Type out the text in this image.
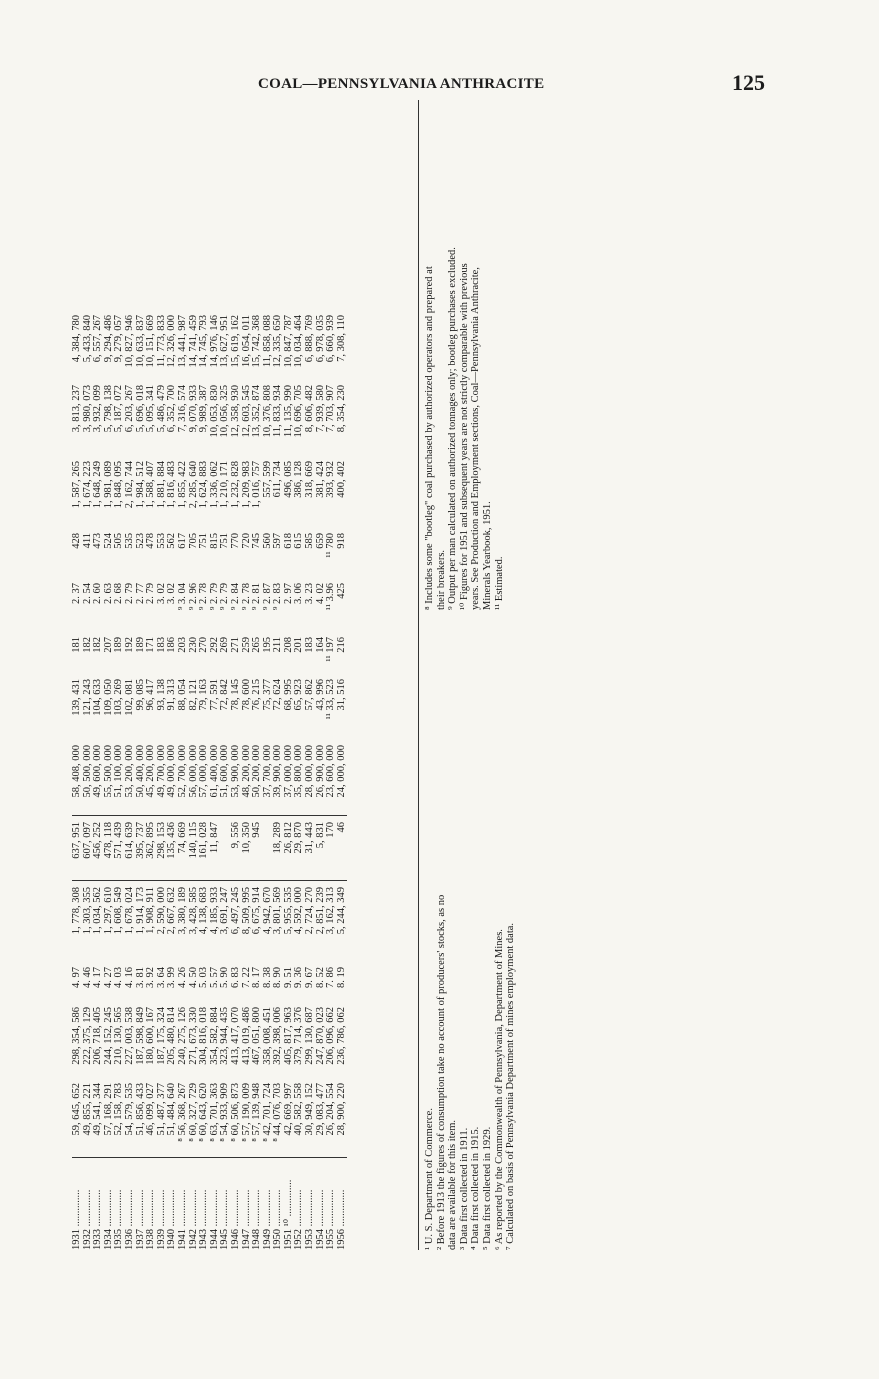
COAL—PENNSYLVANIA ANTHRACITE	125
1931 ..............	59, 645, 652	298, 354, 586	4. 97	1, 778, 308	637, 951	58, 408, 000	139, 431	181	2. 37	428	1, 587, 265	3, 813, 237	4, 384, 780
1932 ..............	49, 855, 221	222, 375, 129	4. 46	1, 303, 355	607, 097	50, 500, 000	121, 243	182	2. 54	411	1, 674, 223	3, 980, 073	5, 433, 840
1933 ..............	49, 541, 344	206, 718, 405	4. 17	1, 034, 562	456, 252	49, 600, 000	104, 633	182	2. 60	473	1, 648, 249	3, 932, 099	6, 557, 267
1934 ..............	57, 168, 291	244, 152, 245	4. 27	1, 297, 610	478, 118	55, 500, 000	109, 050	207	2. 63	524	1, 981, 089	5, 798, 138	9, 294, 486
1935 ..............	52, 158, 783	210, 130, 565	4. 03	1, 608, 549	571, 439	51, 100, 000	103, 269	189	2. 68	505	1, 848, 095	5, 187, 072	9, 279, 057
1936 ..............	54, 579, 535	227, 003, 538	4. 16	1, 678, 024	614, 639	53, 200, 000	102, 081	192	2. 79	535	2, 162, 744	6, 203, 267	10, 827, 946
1937 ..............	51, 856, 433	187, 598, 849	3. 81	1, 914, 173	395, 737	50, 400, 000	99, 085	189	2. 77	523	1, 984, 512	5, 696, 018	10, 633, 837
1938 ..............	46, 099, 027	180, 600, 167	3. 92	1, 908, 911	362, 895	45, 200, 000	96, 417	171	2. 79	478	1, 588, 407	5, 095, 341	10, 151, 669
1939 ..............	51, 487, 377	187, 175, 324	3. 64	2, 590, 000	298, 153	49, 700, 000	93, 138	183	3. 02	553	1, 881, 884	5, 486, 479	11, 773, 833
1940 ..............	51, 484, 640	205, 480, 814	3. 99	2, 667, 632	135, 436	49, 000, 000	91, 313	186	3. 02	562	1, 816, 483	6, 352, 700	12, 326, 000
1941 ..............	⁸ 56, 368, 267	240, 275, 126	4. 26	3, 380, 189	74, 669	52, 700, 000	88, 054	203	⁹ 3. 04	617	1, 855, 422	7, 316, 574	13, 441, 987
1942 ..............	⁸ 60, 327, 729	271, 673, 330	4. 50	3, 428, 585	140, 115	56, 000, 000	82, 121	230	⁹ 2. 96	705	2, 285, 640	9, 070, 933	14, 741, 459
1943 ..............	⁸ 60, 643, 620	304, 816, 018	5. 03	4, 138, 683	161, 028	57, 000, 000	79, 163	270	⁹ 2. 78	751	1, 624, 883	9, 989, 387	14, 745, 793
1944 ..............	⁸ 63, 701, 363	354, 582, 884	5. 57	4, 185, 933	11, 847	61, 400, 000	77, 591	292	⁹ 2. 79	815	1, 336, 062	10, 053, 830	14, 976, 146
1945 ..............	⁸ 54, 933, 909	323, 944, 435	5. 90	3, 691, 247		51, 600, 000	72, 842	269	⁹ 2. 79	751	1, 210, 171	10, 056, 325	13, 627, 951
1946 ..............	⁸ 60, 506, 873	413, 417, 070	6. 83	6, 497, 245	9, 556	53, 900, 000	78, 145	271	⁹ 2. 84	770	1, 232, 828	12, 358, 930	15, 619, 162
1947 ..............	⁸ 57, 190, 009	413, 019, 486	7. 22	8, 509, 995	10, 350	48, 200, 000	78, 600	259	⁹ 2. 78	720	1, 209, 983	12, 603, 545	16, 054, 011
1948 ..............	⁸ 57, 139, 948	467, 051, 800	8. 17	6, 675, 914	945	50, 200, 000	76, 215	265	⁹ 2. 81	745	1, 016, 757	13, 352, 874	15, 742, 368
1949 ..............	⁸ 42, 701, 724	358, 008, 451	8. 38	4, 942, 670		37, 700, 000	75, 377	195	⁹ 2. 87	560	557, 599	10, 376, 808	11, 858, 088
1950 ..............	⁸ 44, 076, 703	392, 398, 006	8. 90	3, 801, 569	18, 289	39, 900, 000	72, 624	211	⁹ 2. 83	597	611, 734	11, 833, 934	12, 335, 650
1951 ¹⁰ ..............	42, 669, 997	405, 817, 963	9. 51	5, 955, 535	26, 812	37, 000, 000	68, 995	208	2. 97	618	496, 085	11, 135, 990	10, 847, 787
1952 ..............	40, 582, 558	379, 714, 376	9. 36	4, 592, 000	29, 870	35, 800, 000	65, 923	201	3. 06	615	386, 128	10, 696, 705	10, 034, 464
1953 ..............	30, 949, 152	299, 130, 687	9. 67	2, 724, 270	31, 443	28, 000, 000	57, 862	183	3. 23	585	318, 669	8, 606, 482	6, 888, 769
1954 ..............	29, 083, 477	247, 870, 023	8. 52	2, 851, 239	5, 831	26, 900, 000	43, 996	164	4. 02	659	381, 424	7, 939, 580	6, 978, 035
1955 ..............	26, 204, 554	206, 096, 662	7. 86	3, 162, 313	170	23, 600, 000	¹¹ 33, 523	¹¹ 197	¹¹ 3.96	¹¹ 780	393, 932	7, 703, 907	6, 660, 939
1956 ..............	28, 900, 220	236, 786, 062	8. 19	5, 244, 349	46	24, 000, 000	31, 516	216	425	918	400, 402	8, 354, 230	7, 308, 110
¹ U. S. Department of Commerce. ² Before 1913 the figures of consumption take no account of producers' stocks, as no data are available for this item. ³ Data first collected in 1911. ⁴ Data first collected in 1915. ⁵ Data first collected in 1929. ⁶ As reported by the Commonwealth of Pennsylvania, Department of Mines. ⁷ Calculated on basis of Pennsylvania Department of mines employment data.
⁸ Includes some "bootleg" coal purchased by authorized operators and prepared at their breakers. ⁹ Output per man calculated on authorized tonnages only; bootleg purchases excluded. ¹⁰ Figures for 1951 and subsequent years are not strictly comparable with previous years. See Production and Employment sections, Coal—Pennsylvania Anthracite, Minerals Yearbook, 1951. ¹¹ Estimated.
